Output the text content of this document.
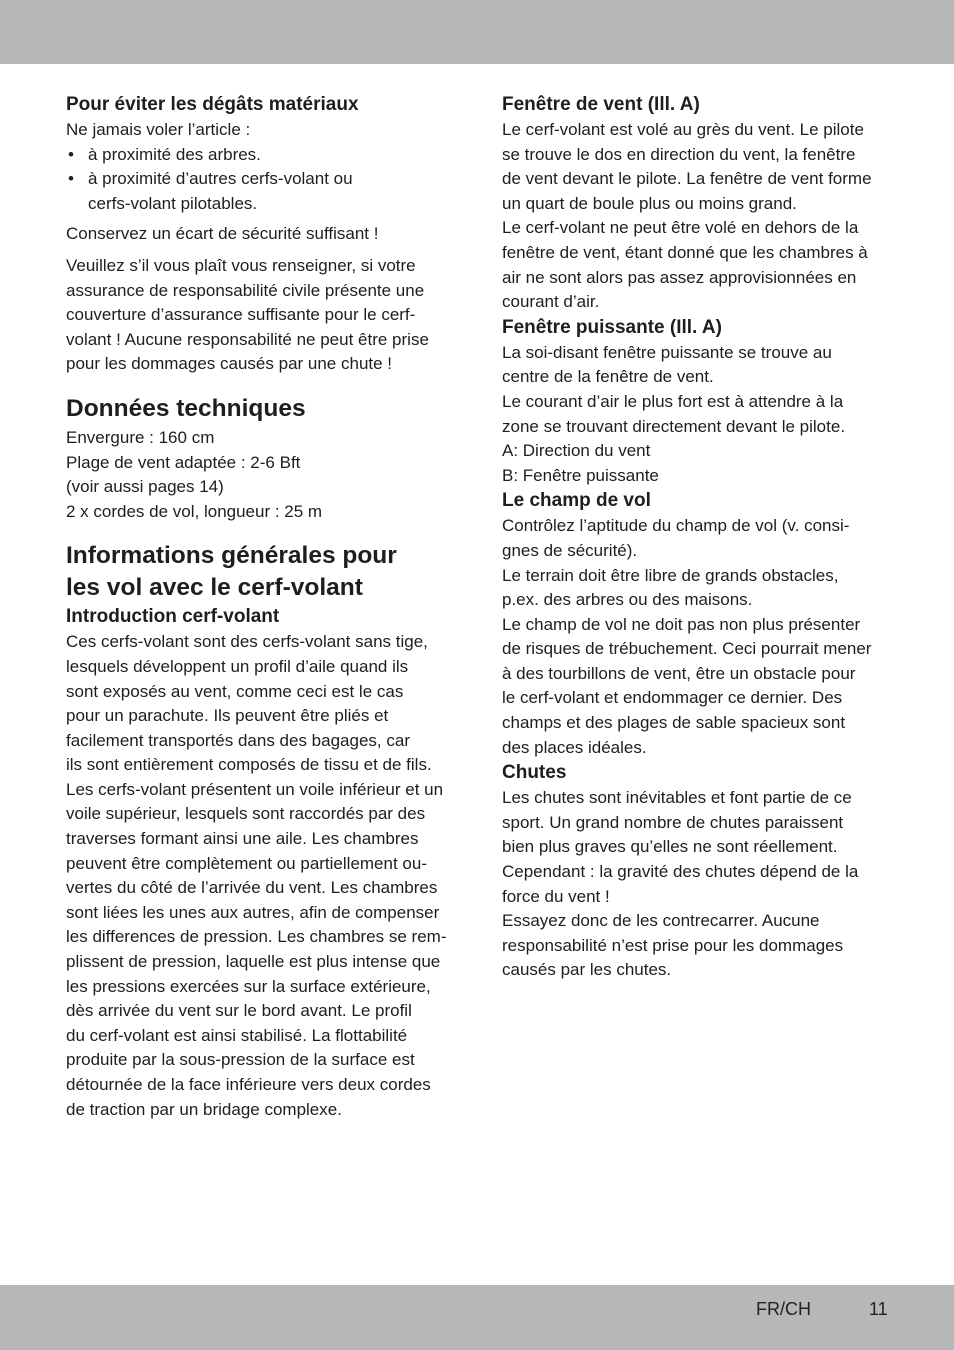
Pour éviter les dégâts matériaux
Ne jamais voler l’article :
• à proximité des arbres.
• à proximité d’autres cerfs-volant ou
cerfs-volant pilotables.
Conservez un écart de sécurité suffisant !
Veuillez s’il vous plaît vous renseigner, si votre
assurance de responsabilité civile présente une
couverture d’assurance suffisante pour le cerf-
volant ! Aucune responsabilité ne peut être prise
pour les dommages causés par une chute !
Données techniques
Envergure : 160 cm
Plage de vent adaptée : 2-6 Bft
(voir aussi pages 14)
2 x cordes de vol, longueur : 25 m
Informations générales pour
les vol avec le cerf-volant
Introduction cerf-volant
Ces cerfs-volant sont des cerfs-volant sans tige,
lesquels développent un profil d’aile quand ils
sont exposés au vent, comme ceci est le cas
pour un parachute. Ils peuvent être pliés et
facilement transportés dans des bagages, car
ils sont entièrement composés de tissu et de fils.
Les cerfs-volant présentent un voile inférieur et un
voile supérieur, lesquels sont raccordés par des
traverses formant ainsi une aile. Les chambres
peuvent être complètement ou partiellement ou-
vertes du côté de l’arrivée du vent. Les chambres
sont liées les unes aux autres, afin de compenser
les differences de pression. Les chambres se rem-
plissent de pression, laquelle est plus intense que
les pressions exercées sur la surface extérieure,
dès arrivée du vent sur le bord avant. Le profil
du cerf-volant est ainsi stabilisé. La flottabilité
produite par la sous-pression de la surface est
détournée de la face inférieure vers deux cordes
de traction par un bridage complexe.
Fenêtre de vent (Ill. A)
Le cerf-volant est volé au grès du vent. Le pilote
se trouve le dos en direction du vent, la fenêtre
de vent devant le pilote. La fenêtre de vent forme
un quart de boule plus ou moins grand.
Le cerf-volant ne peut être volé en dehors de la
fenêtre de vent, étant donné que les chambres à
air ne sont alors pas assez approvisionnées en
courant d’air.
Fenêtre puissante (Ill. A)
La soi-disant fenêtre puissante se trouve au
centre de la fenêtre de vent.
Le courant d’air le plus fort est à attendre à la
zone se trouvant directement devant le pilote.
A: Direction du vent
B: Fenêtre puissante
Le champ de vol
Contrôlez l’aptitude du champ de vol (v. consi-
gnes de sécurité).
Le terrain doit être libre de grands obstacles,
p.ex. des arbres ou des maisons.
Le champ de vol ne doit pas non plus présenter
de risques de trébuchement. Ceci pourrait mener
à des tourbillons de vent, être un obstacle pour
le cerf-volant et endommager ce dernier. Des
champs et des plages de sable spacieux sont
des places idéales.
Chutes
Les chutes sont inévitables et font partie de ce
sport. Un grand nombre de chutes paraissent
bien plus graves qu’elles ne sont réellement.
Cependant : la gravité des chutes dépend de la
force du vent !
Essayez donc de les contrecarrer. Aucune
responsabilité n’est prise pour les dommages
causés par les chutes.
FR/CH	11
